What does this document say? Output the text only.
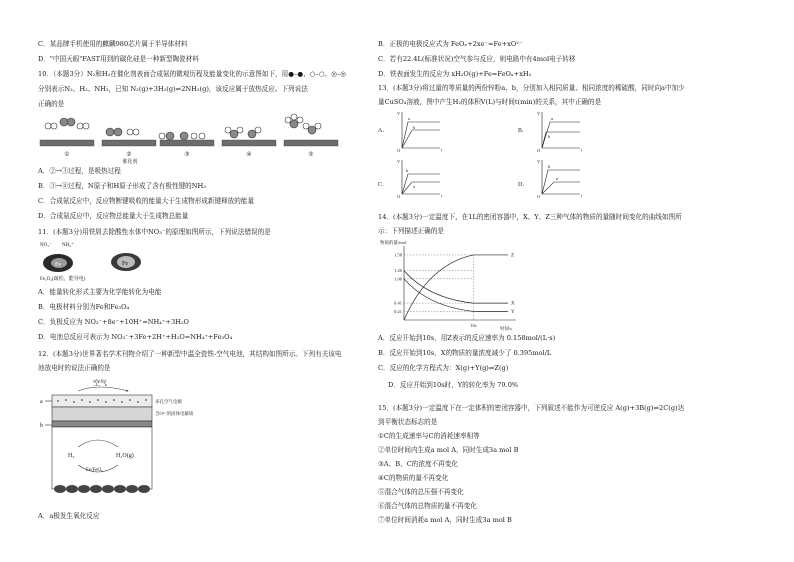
C．某品牌手机使用的麒麟980芯片属于半导体材料
D．"中国天眼"FAST用到的碳化硅是一种新型陶瓷材料
10．（本题3分）N₂和H₂在催化剂表面合成氨的微观历程及能量变化的示意图如下，用●–●、○–○、◎–◎
分别表示N₂、H₂、NH₃，已知 N₂(g)+3H₂(g)⇌2NH₃(g)，该反应属于放热反应。下列说法
正确的是
①	②	③	④	⑤
催化剂
A．②→③过程，是吸热过程
B．③→④过程，N原子和H原子形成了含有极性键的NH₃
C．合成氨反应中，反应物断键吸收的能量大于生成物形成新键释放的能量
D．合成氨反应中，反应物总能量大于生成物总能量
11．(本题3分)用铁屑去除酸性水体中NO₃⁻的原理如图所示，下列说法错误的是
NO₃⁻ NH₄⁺
Fe	Fe
Fe₃O₄(疏松，能导电)
A．能量转化形式主要为化学能转化为电能
B．电极材料分别为Fe和Fe₃O₄
C．负极反应为 NO₃⁻+8e⁻+10H⁺=NH₄⁺+3H₂O
D．电池总反应可表示为 NO₃⁻+3Fe+2H⁺+H₂O=NH₄⁺+Fe₃O₄
12．(本题3分)世界著名学术刊物介绍了一种新型中温全瓷铁-空气电池，其结构如图所示。下列有关该电
池放电时的说法正确的是
空气
a
b
多孔空气电极
含O²⁻的固体电解质
H₂	H₂O(g)
Fe/FeOₓ
A．a极发生氧化反应
B．正极的电极反应式为 FeOₓ+2xe⁻=Fe+xO²⁻
C．若有22.4L(标准状况)空气参与反应，则电路中有4mol电子转移
D．铁表面发生的反应为 xH₂O(g)+Fe=FeOₓ+xH₂
13．(本题3分)将过量的等质量的两份锌粉a、b，分别加入相同质量、相同浓度的稀硫酸，同时向a中加少
量CuSO₄溶液，图中产生H₂的体积V(L)与时间t(min)的关系，其中正确的是
A．	B．
C．	D．
V
t
O
a
b
V
t
O
a
b
V
t
O
b
a
V
t
O
b
a
14．(本题3分)一定温度下，在1L的密闭容器中，X、Y、Z三种气体的物质的量随时间变化的曲线如图所
示：下列描述正确的是
物质的量/mol
时间/s
1.58
1.20
1.00
0.41
0.21
10s
Z
X
Y
A．反应开始到10s，用Z表示的反应速率为 0.158mol/(L·s)
B．反应开始到10s，X的物质的量浓度减少了 0.395mol/L
C．反应的化学方程式为：X(g)+Y(g)⇌Z(g)
D．反应开始到10s时，Y的转化率为 79.0%
15．(本题3分)一定温度下在一定体积的密闭容器中，下列叙述不能作为可逆反应 A(g)+3B(g)⇌2C(g)达
到平衡状态标志的是
①C的生成速率与C的消耗速率相等
②单位时间内生成a mol A，同时生成3a mol B
③A、B、C的浓度不再变化
④C的物质的量不再变化
⑤混合气体的总压强不再变化
⑥混合气体的总物质的量不再变化
⑦单位时间消耗a mol A，同时生成3a mol B
